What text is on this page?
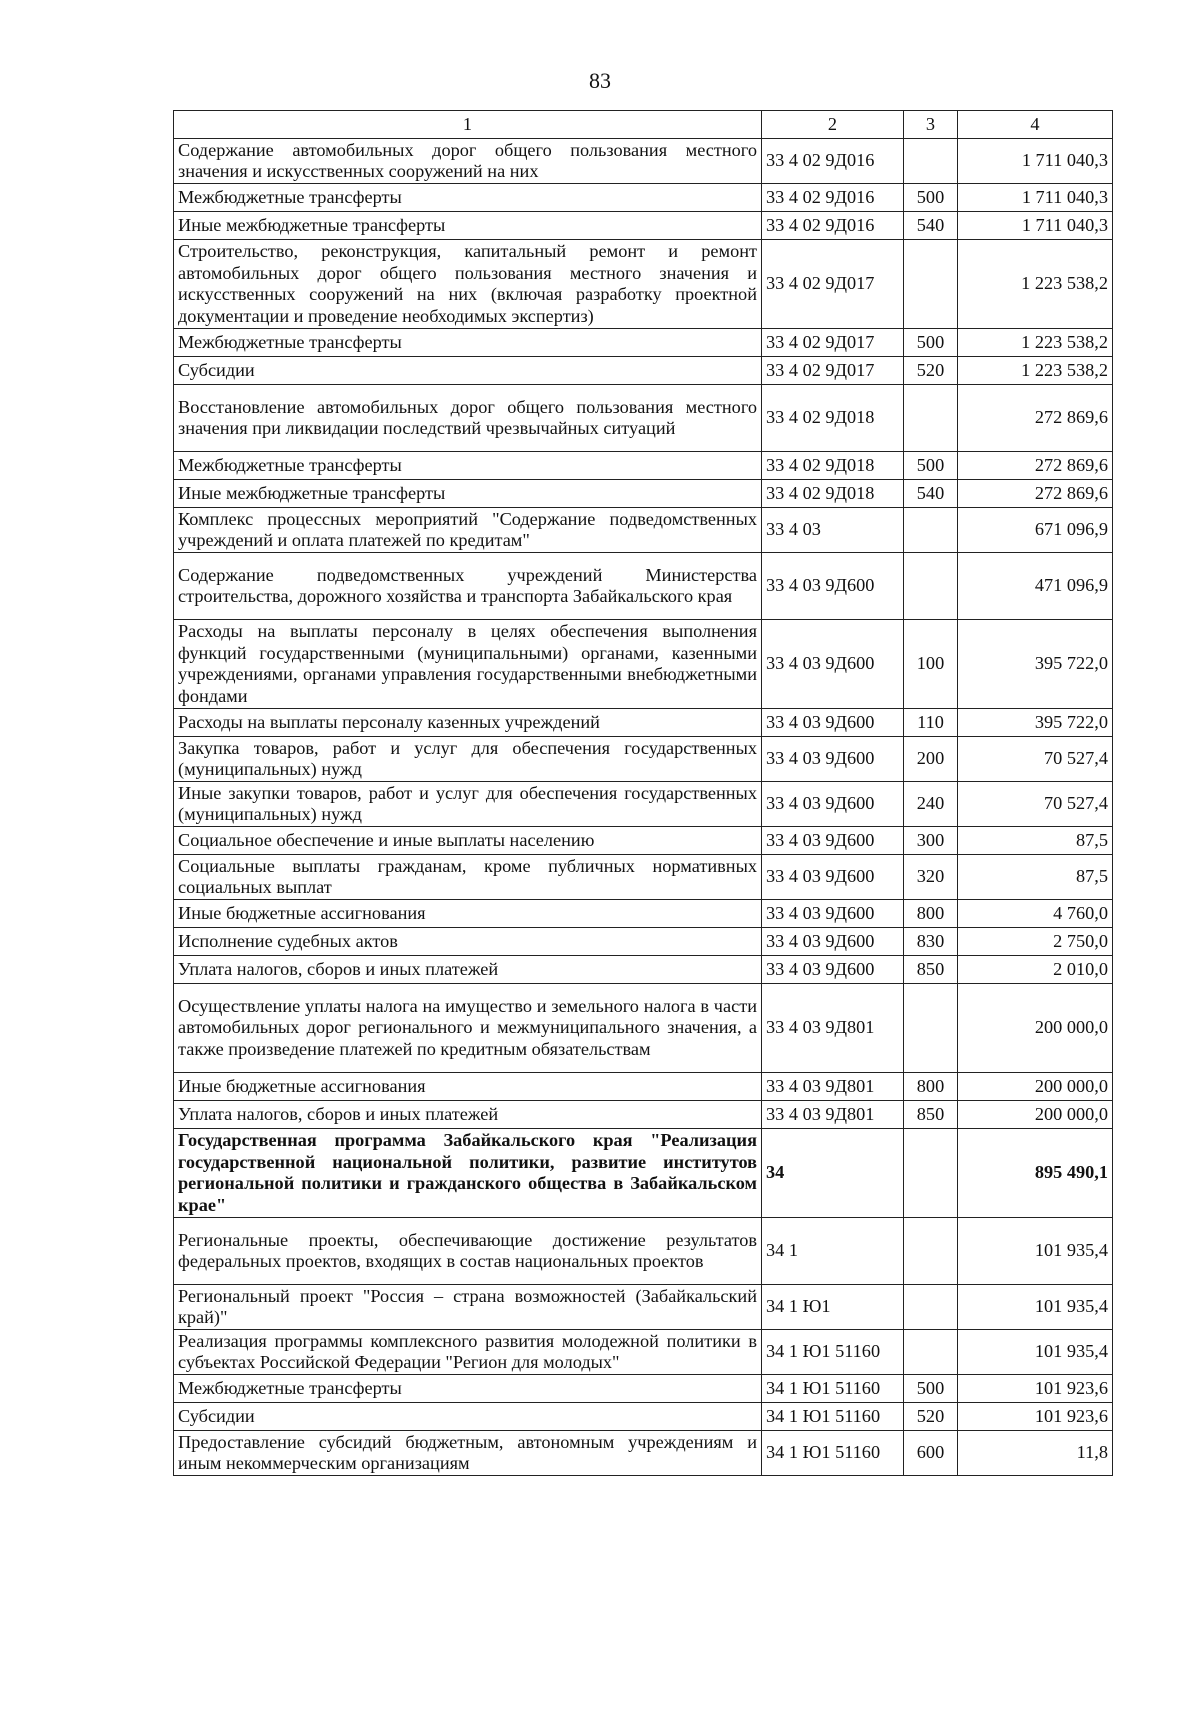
83
1	2	3	4
Содержание автомобильных дорог общего пользования местного значения и искусственных сооружений на них	33 4 02 9Д016		1 711 040,3
Межбюджетные трансферты	33 4 02 9Д016	500	1 711 040,3
Иные межбюджетные трансферты	33 4 02 9Д016	540	1 711 040,3
Строительство, реконструкция, капитальный ремонт и ремонт автомобильных дорог общего пользования местного значения и искусственных сооружений на них (включая разработку проектной документации и проведение необходимых экспертиз)	33 4 02 9Д017		1 223 538,2
Межбюджетные трансферты	33 4 02 9Д017	500	1 223 538,2
Субсидии	33 4 02 9Д017	520	1 223 538,2
Восстановление автомобильных дорог общего пользования местного значения при ликвидации последствий чрезвычайных ситуаций	33 4 02 9Д018		272 869,6
Межбюджетные трансферты	33 4 02 9Д018	500	272 869,6
Иные межбюджетные трансферты	33 4 02 9Д018	540	272 869,6
Комплекс процессных мероприятий "Содержание подведомственных учреждений и оплата платежей по кредитам"	33 4 03		671 096,9
Содержание подведомственных учреждений Министерства строительства, дорожного хозяйства и транспорта Забайкальского края	33 4 03 9Д600		471 096,9
Расходы на выплаты персоналу в целях обеспечения выполнения функций государственными (муниципальными) органами, казенными учреждениями, органами управления государственными внебюджетными фондами	33 4 03 9Д600	100	395 722,0
Расходы на выплаты персоналу казенных учреждений	33 4 03 9Д600	110	395 722,0
Закупка товаров, работ и услуг для обеспечения государственных (муниципальных) нужд	33 4 03 9Д600	200	70 527,4
Иные закупки товаров, работ и услуг для обеспечения государственных (муниципальных) нужд	33 4 03 9Д600	240	70 527,4
Социальное обеспечение и иные выплаты населению	33 4 03 9Д600	300	87,5
Социальные выплаты гражданам, кроме публичных нормативных социальных выплат	33 4 03 9Д600	320	87,5
Иные бюджетные ассигнования	33 4 03 9Д600	800	4 760,0
Исполнение судебных актов	33 4 03 9Д600	830	2 750,0
Уплата налогов, сборов и иных платежей	33 4 03 9Д600	850	2 010,0
Осуществление уплаты налога на имущество и земельного налога в части автомобильных дорог регионального и межмуниципального значения, а также произведение платежей по кредитным обязательствам	33 4 03 9Д801		200 000,0
Иные бюджетные ассигнования	33 4 03 9Д801	800	200 000,0
Уплата налогов, сборов и иных платежей	33 4 03 9Д801	850	200 000,0
Государственная программа Забайкальского края "Реализация государственной национальной политики, развитие институтов региональной политики и гражданского общества в Забайкальском крае"	34		895 490,1
Региональные проекты, обеспечивающие достижение результатов федеральных проектов, входящих в состав национальных проектов	34 1		101 935,4
Региональный проект "Россия – страна возможностей (Забайкальский край)"	34 1 Ю1		101 935,4
Реализация программы комплексного развития молодежной политики в субъектах Российской Федерации "Регион для молодых"	34 1 Ю1 51160		101 935,4
Межбюджетные трансферты	34 1 Ю1 51160	500	101 923,6
Субсидии	34 1 Ю1 51160	520	101 923,6
Предоставление субсидий бюджетным, автономным учреждениям и иным некоммерческим организациям	34 1 Ю1 51160	600	11,8
